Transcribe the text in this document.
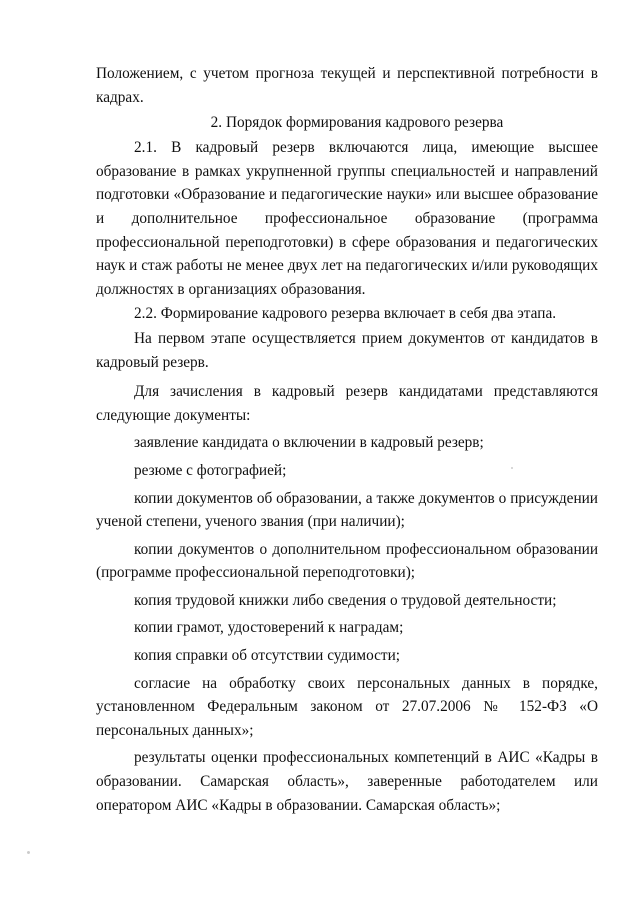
Положением, с учетом прогноза текущей и перспективной потребности в кадрах.

2. Порядок формирования кадрового резерва

2.1. В кадровый резерв включаются лица, имеющие высшее образование в рамках укрупненной группы специальностей и направлений подготовки «Образование и педагогические науки» или высшее образование и дополнительное профессиональное образование (программа профессиональной переподготовки) в сфере образования и педагогических наук и стаж работы не менее двух лет на педагогических и/или руководящих должностях в организациях образования.

2.2. Формирование кадрового резерва включает в себя два этапа.

На первом этапе осуществляется прием документов от кандидатов в кадровый резерв.

Для зачисления в кадровый резерв кандидатами представляются следующие документы:

заявление кандидата о включении в кадровый резерв;

резюме с фотографией;

копии документов об образовании, а также документов о присуждении ученой степени, ученого звания (при наличии);

копии документов о дополнительном профессиональном образовании (программе профессиональной переподготовки);

копия трудовой книжки либо сведения о трудовой деятельности;

копии грамот, удостоверений к наградам;

копия справки об отсутствии судимости;

согласие на обработку своих персональных данных в порядке, установленном Федеральным законом от 27.07.2006 № 152-ФЗ «О персональных данных»;

результаты оценки профессиональных компетенций в АИС «Кадры в образовании. Самарская область», заверенные работодателем или оператором АИС «Кадры в образовании. Самарская область»;
